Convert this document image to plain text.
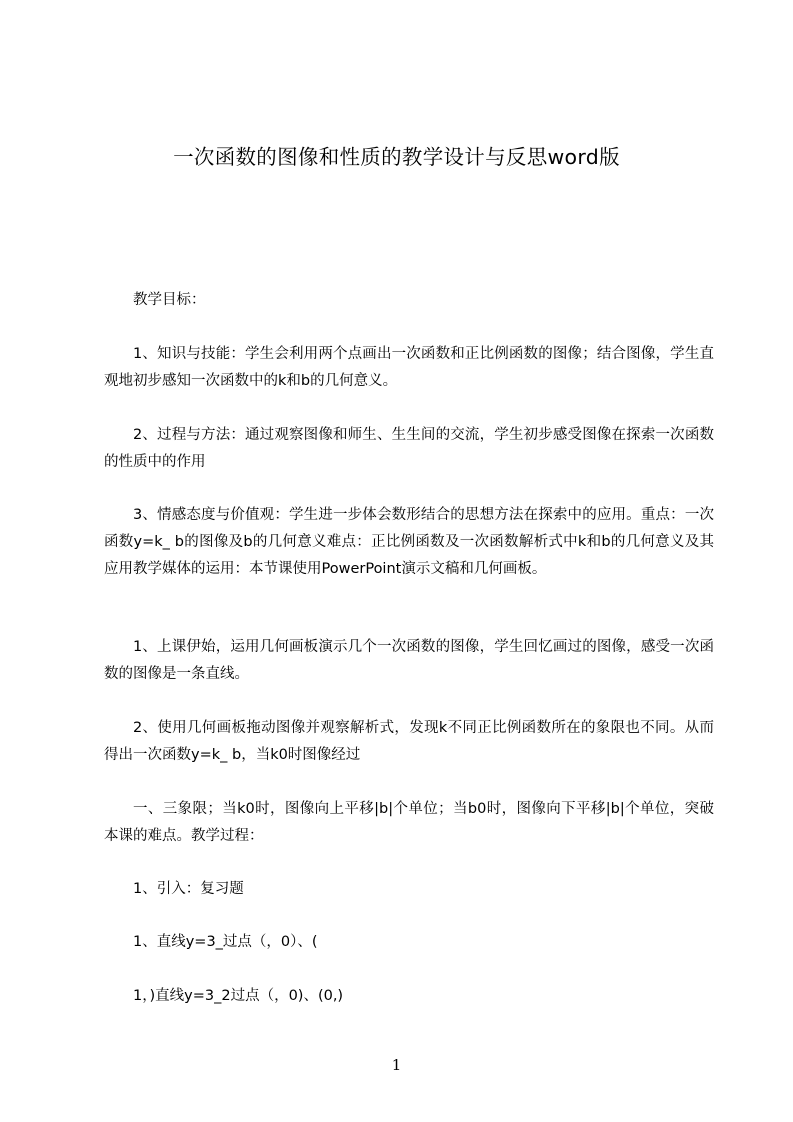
一次函数的图像和性质的教学设计与反思word版

教学目标：

1、知识与技能：学生会利用两个点画出一次函数和正比例函数的图像；结合图像，学生直观地初步感知一次函数中的k和b的几何意义。

2、过程与方法：通过观察图像和师生、生生间的交流，学生初步感受图像在探索一次函数的性质中的作用

3、情感态度与价值观：学生进一步体会数形结合的思想方法在探索中的应用。重点：一次函数y=k_ b的图像及b的几何意义难点：正比例函数及一次函数解析式中k和b的几何意义及其应用教学媒体的运用：本节课使用PowerPoint演示文稿和几何画板。

1、上课伊始，运用几何画板演示几个一次函数的图像，学生回忆画过的图像，感受一次函数的图像是一条直线。

2、使用几何画板拖动图像并观察解析式，发现k不同正比例函数所在的象限也不同。从而得出一次函数y=k_ b，当k0时图像经过

一、三象限；当k0时，图像向上平移|b|个单位；当b0时，图像向下平移|b|个单位，突破本课的难点。教学过程：

1、引入：复习题

1、直线y=3_过点（，0）、(

1，)直线y=3_2过点（，0)、(0,)

1
